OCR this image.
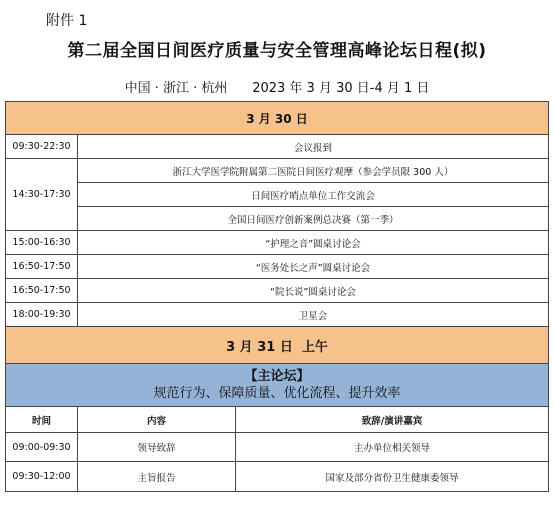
附件 1
第二届全国日间医疗质量与安全管理高峰论坛日程(拟)
中国 · 浙江 · 杭州      2023 年 3 月 30 日-4 月 1 日
3 月 30 日		
09:30-22:30	会议报到	
14:30-17:30	浙江大学医学院附属第二医院日间医疗观摩（参会学员限 300 人）	
	日间医疗哨点单位工作交流会	
	全国日间医疗创新案例总决赛（第一季）	
15:00-16:30	“护理之音”圆桌讨论会	
16:50-17:50	“医务处长之声”圆桌讨论会	
16:50-17:50	“院长说”圆桌讨论会	
18:00-19:30	卫星会	
3 月 31 日  上午		

【主论坛】
规范行为、保障质量、优化流程、提升效率		

时间	内容	致辞/演讲嘉宾
09:00-09:30	领导致辞	主办单位相关领导
09:30-12:00	主旨报告	国家及部分省份卫生健康委领导
